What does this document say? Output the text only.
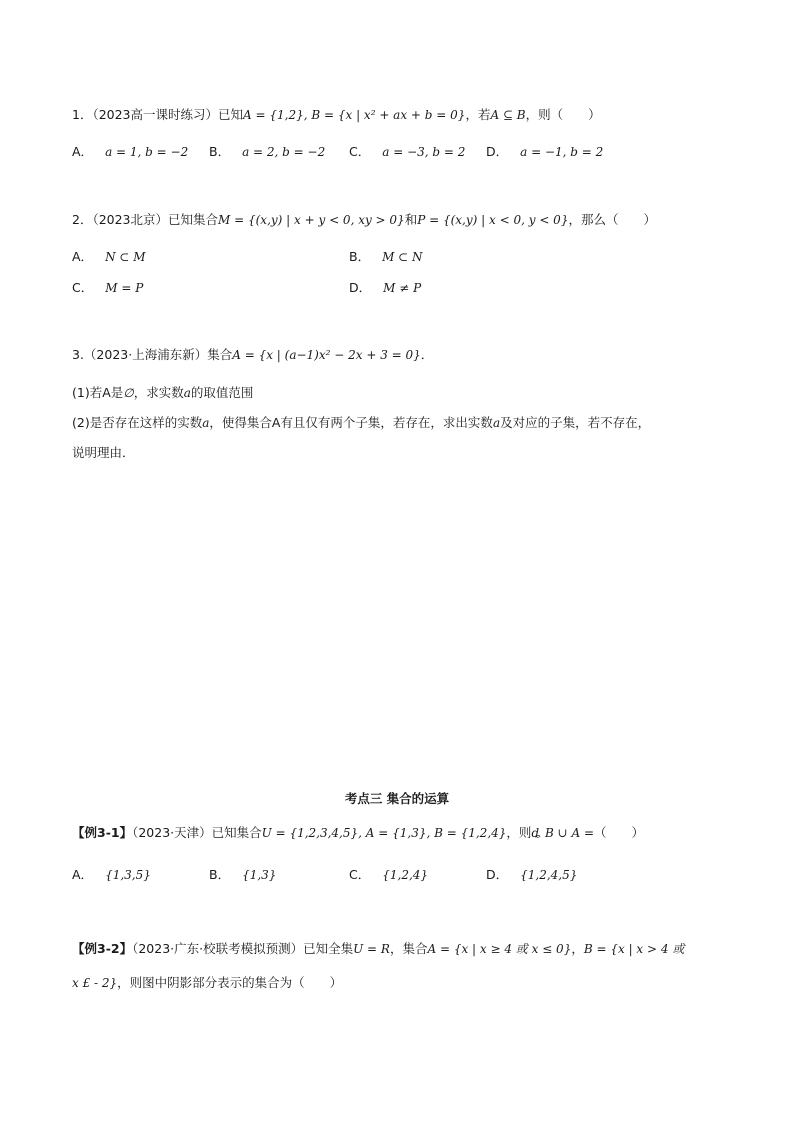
1．（2023高一课时练习）已知A = {1,2}, B = {x | x² + ax + b = 0}，若A ⊆ B，则（　　）
A． a = 1, b = −2 B． a = 2, b = −2 C． a = −3, b = 2 D． a = −1, b = 2
2．（2023北京）已知集合M = {(x,y) | x + y < 0, xy > 0}和P = {(x,y) | x < 0, y < 0}，那么（　　）
A． N ⊂ M	B． M ⊂ N
C． M = P	D． M ≠ P
3.（2023·上海浦东新）集合A = {x | (a−1)x² − 2x + 3 = 0}．
(1)若A是∅，求实数a的取值范围
(2)是否存在这样的实数a，使得集合A有且仅有两个子集，若存在，求出实数a及对应的子集，若不存在，
说明理由．
考点三 集合的运算
【例3-1】（2023·天津）已知集合U = {1,2,3,4,5}, A = {1,3}, B = {1,2,4}，则ȡ B ∪ A =（　　）
A． {1,3,5}	B． {1,3}	C． {1,2,4}	D． {1,2,4,5}
【例3-2】（2023·广东·校联考模拟预测）已知全集U = R，集合A = {x | x ≥ 4 或 x ≤ 0}，B = {x | x > 4 或
x £ - 2}，则图中阴影部分表示的集合为（　　）
